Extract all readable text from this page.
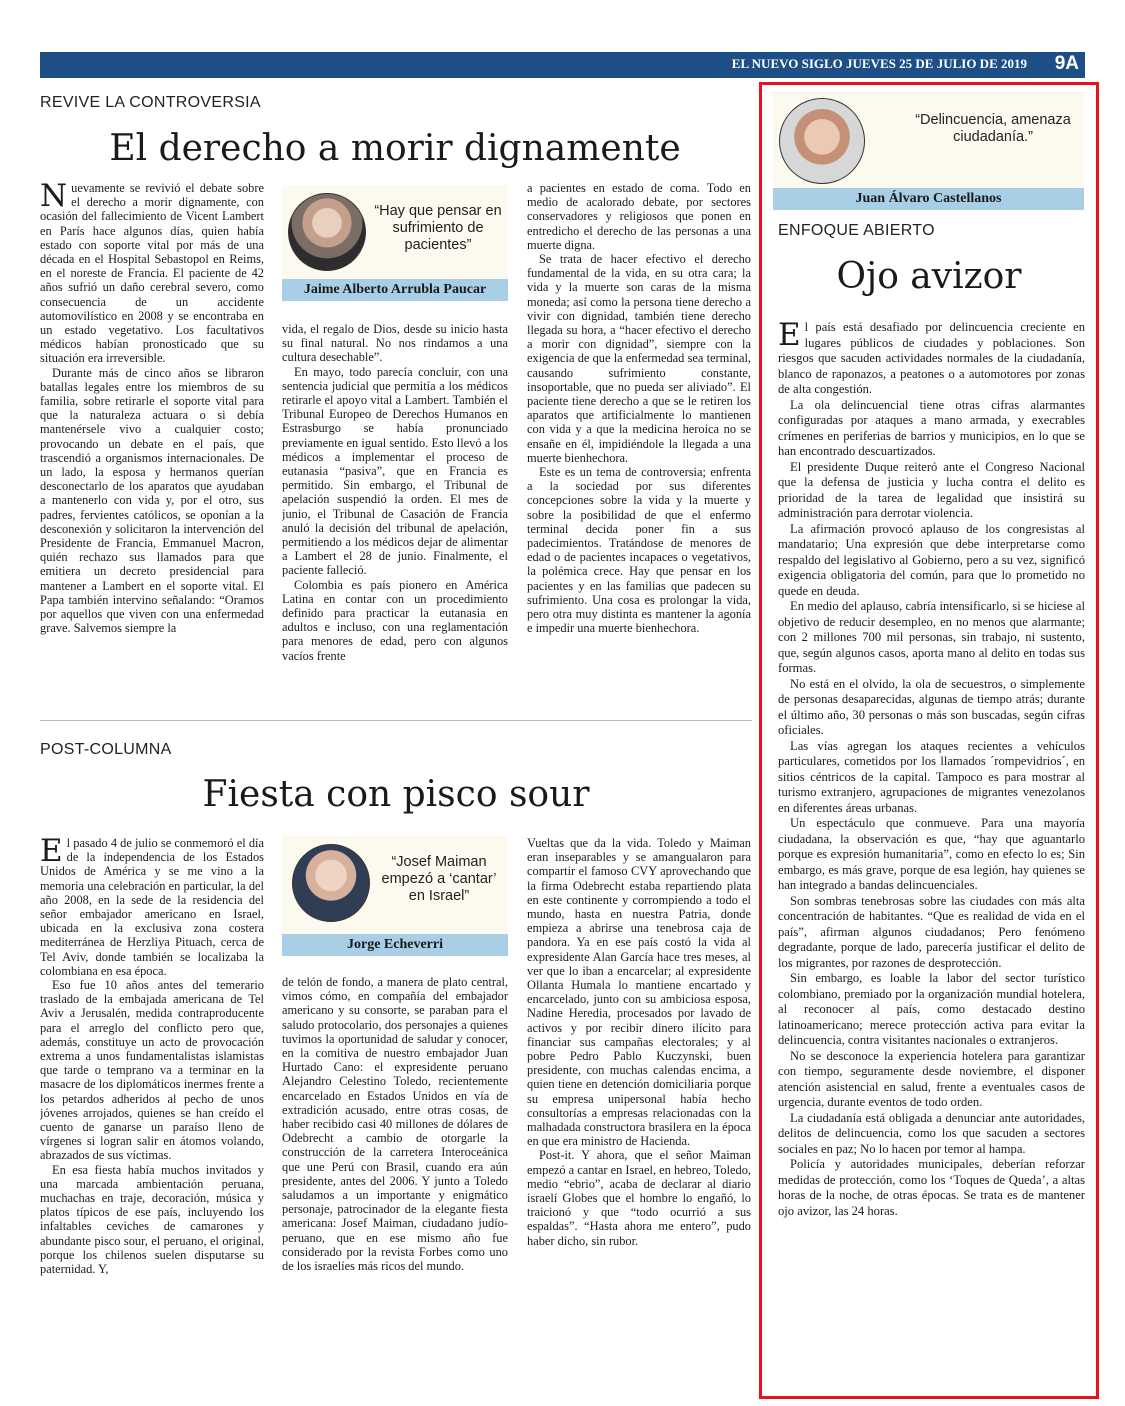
OPINIÓN
EL NUEVO SIGLO JUEVES 25 DE JULIO DE 2019 9A
REVIVE LA CONTROVERSIA
El derecho a morir dignamente

Nuevamente se revivió el debate sobre el derecho a morir dignamente, con ocasión del fallecimiento de Vicent Lambert en París hace algunos días, quien había estado con soporte vital por más de una década en el Hospital Sebastopol en Reims, en el noreste de Francia. El paciente de 42 años sufrió un daño cerebral severo, como consecuencia de un accidente automovilístico en 2008 y se encontraba en un estado vegetativo. Los facultativos médicos habían pronosticado que su situación era irreversible.

Durante más de cinco años se libraron batallas legales entre los miembros de su familia, sobre retirarle el soporte vital para que la naturaleza actuara o si debía mantenérsele vivo a cualquier costo; provocando un debate en el país, que trascendió a organismos internacionales. De un lado, la esposa y hermanos querían desconectarlo de los aparatos que ayudaban a mantenerlo con vida y, por el otro, sus padres, fervientes católicos, se oponían a la desconexión y solicitaron la intervención del Presidente de Francia, Emmanuel Macron, quién rechazo sus llamados para que emitiera un decreto presidencial para mantener a Lambert en el soporte vital. El Papa también intervino señalando: “Oramos por aquellos que viven con una enfermedad grave. Salvemos siempre la

“Hay que pensar en sufrimiento de pacientes”
Jaime Alberto Arrubla Paucar

vida, el regalo de Dios, desde su inicio hasta su final natural. No nos rindamos a una cultura desechable”.

En mayo, todo parecía concluir, con una sentencia judicial que permitía a los médicos retirarle el apoyo vital a Lambert. También el Tribunal Europeo de Derechos Humanos en Estrasburgo se había pronunciado previamente en igual sentido. Esto llevó a los médicos a implementar el proceso de eutanasia “pasiva”, que en Francia es permitido. Sin embargo, el Tribunal de apelación suspendió la orden. El mes de junio, el Tribunal de Casación de Francia anuló la decisión del tribunal de apelación, permitiendo a los médicos dejar de alimentar a Lambert el 28 de junio. Finalmente, el paciente falleció.

Colombia es país pionero en América Latina en contar con un procedimiento definido para practicar la eutanasia en adultos e incluso, con una reglamentación para menores de edad, pero con algunos vacíos frente

a pacientes en estado de coma. Todo en medio de acalorado debate, por sectores conservadores y religiosos que ponen en entredicho el derecho de las personas a una muerte digna.

Se trata de hacer efectivo el derecho fundamental de la vida, en su otra cara; la vida y la muerte son caras de la misma moneda; así como la persona tiene derecho a vivir con dignidad, también tiene derecho llegada su hora, a “hacer efectivo el derecho a morir con dignidad”, siempre con la exigencia de que la enfermedad sea terminal, causando sufrimiento constante, insoportable, que no pueda ser aliviado”. El paciente tiene derecho a que se le retiren los aparatos que artificialmente lo mantienen con vida y a que la medicina heroica no se ensañe en él, impidiéndole la llegada a una muerte bienhechora.

Este es un tema de controversia; enfrenta a la sociedad por sus diferentes concepciones sobre la vida y la muerte y sobre la posibilidad de que el enfermo terminal decida poner fin a sus padecimientos. Tratándose de menores de edad o de pacientes incapaces o vegetativos, la polémica crece. Hay que pensar en los pacientes y en las familias que padecen su sufrimiento. Una cosa es prolongar la vida, pero otra muy distinta es mantener la agonía e impedir una muerte bienhechora.

POST-COLUMNA
Fiesta con pisco sour

El pasado 4 de julio se conmemoró el día de la independencia de los Estados Unidos de América y se me vino a la memoria una celebración en particular, la del año 2008, en la sede de la residencia del señor embajador americano en Israel, ubicada en la exclusiva zona costera mediterránea de Herzliya Pituach, cerca de Tel Aviv, donde también se localizaba la colombiana en esa época.

Eso fue 10 años antes del temerario traslado de la embajada americana de Tel Aviv a Jerusalén, medida contraproducente para el arreglo del conflicto pero que, además, constituye un acto de provocación extrema a unos fundamentalistas islamistas que tarde o temprano va a terminar en la masacre de los diplomáticos inermes frente a los petardos adheridos al pecho de unos jóvenes arrojados, quienes se han creído el cuento de ganarse un paraíso lleno de vírgenes si logran salir en átomos volando, abrazados de sus víctimas.

En esa fiesta había muchos invitados y una marcada ambientación peruana, muchachas en traje, decoración, música y platos típicos de ese país, incluyendo los infaltables ceviches de camarones y abundante pisco sour, el peruano, el original, porque los chilenos suelen disputarse su paternidad. Y,

“Josef Maiman empezó a ‘cantar’ en Israel”
Jorge Echeverri

de telón de fondo, a manera de plato central, vimos cómo, en compañía del embajador americano y su consorte, se paraban para el saludo protocolario, dos personajes a quienes tuvimos la oportunidad de saludar y conocer, en la comitiva de nuestro embajador Juan Hurtado Cano: el expresidente peruano Alejandro Celestino Toledo, recientemente encarcelado en Estados Unidos en vía de extradición acusado, entre otras cosas, de haber recibido casi 40 millones de dólares de Odebrecht a cambio de otorgarle la construcción de la carretera Interoceánica que une Perú con Brasil, cuando era aún presidente, antes del 2006. Y junto a Toledo saludamos a un importante y enigmático personaje, patrocinador de la elegante fiesta americana: Josef Maiman, ciudadano judío-peruano, que en ese mismo año fue considerado por la revista Forbes como uno de los israelíes más ricos del mundo.

Vueltas que da la vida. Toledo y Maiman eran inseparables y se amangualaron para compartir el famoso CVY aprovechando que la firma Odebrecht estaba repartiendo plata en este continente y corrompiendo a todo el mundo, hasta en nuestra Patria, donde empieza a abrirse una tenebrosa caja de pandora. Ya en ese país costó la vida al expresidente Alan García hace tres meses, al ver que lo iban a encarcelar; al expresidente Ollanta Humala lo mantiene encartado y encarcelado, junto con su ambiciosa esposa, Nadine Heredia, procesados por lavado de activos y por recibir dinero ilícito para financiar sus campañas electorales; y al pobre Pedro Pablo Kuczynski, buen presidente, con muchas calendas encima, a quien tiene en detención domiciliaria porque su empresa unipersonal había hecho consultorías a empresas relacionadas con la malhadada constructora brasilera en la época en que era ministro de Hacienda.

Post-it. Y ahora, que el señor Maiman empezó a cantar en Israel, en hebreo, Toledo, medio “ebrio”, acaba de declarar al diario israelí Globes que el hombre lo engañó, lo traicionó y que “todo ocurrió a sus espaldas”. “Hasta ahora me entero”, pudo haber dicho, sin rubor.

“Delincuencia, amenaza ciudadanía.”
Juan Álvaro Castellanos
ENFOQUE ABIERTO
Ojo avizor

El país está desafiado por delincuencia creciente en lugares públicos de ciudades y poblaciones. Son riesgos que sacuden actividades normales de la ciudadanía, blanco de raponazos, a peatones o a automotores por zonas de alta congestión.

La ola delincuencial tiene otras cifras alarmantes configuradas por ataques a mano armada, y execrables crímenes en periferias de barrios y municipios, en lo que se han encontrado descuartizados.

El presidente Duque reiteró ante el Congreso Nacional que la defensa de justicia y lucha contra el delito es prioridad de la tarea de legalidad que insistirá su administración para derrotar violencia.

La afirmación provocó aplauso de los congresistas al mandatario; Una expresión que debe interpretarse como respaldo del legislativo al Gobierno, pero a su vez, significó exigencia obligatoria del común, para que lo prometido no quede en deuda.

En medio del aplauso, cabría intensificarlo, si se hiciese al objetivo de reducir desempleo, en no menos que alarmante; con 2 millones 700 mil personas, sin trabajo, ni sustento, que, según algunos casos, aporta mano al delito en todas sus formas.

No está en el olvido, la ola de secuestros, o simplemente de personas desaparecidas, algunas de tiempo atrás; durante el último año, 30 personas o más son buscadas, según cifras oficiales.

Las vías agregan los ataques recientes a vehículos particulares, cometidos por los llamados ´rompevidrios´, en sitios céntricos de la capital. Tampoco es para mostrar al turismo extranjero, agrupaciones de migrantes venezolanos en diferentes áreas urbanas.

Un espectáculo que conmueve. Para una mayoría ciudadana, la observación es que, “hay que aguantarlo porque es expresión humanitaria”, como en efecto lo es; Sin embargo, es más grave, porque de esa legión, hay quienes se han integrado a bandas delincuenciales.

Son sombras tenebrosas sobre las ciudades con más alta concentración de habitantes. “Que es realidad de vida en el país”, afirman algunos ciudadanos; Pero fenómeno degradante, porque de lado, parecería justificar el delito de los migrantes, por razones de desprotección.

Sin embargo, es loable la labor del sector turístico colombiano, premiado por la organización mundial hotelera, al reconocer al país, como destacado destino latinoamericano; merece protección activa para evitar la delincuencia, contra visitantes nacionales o extranjeros.

No se desconoce la experiencia hotelera para garantizar con tiempo, seguramente desde noviembre, el disponer atención asistencial en salud, frente a eventuales casos de urgencia, durante eventos de todo orden.

La ciudadanía está obligada a denunciar ante autoridades, delitos de delincuencia, como los que sacuden a sectores sociales en paz; No lo hacen por temor al hampa.

Policía y autoridades municipales, deberían reforzar medidas de protección, como los ‘Toques de Queda’, a altas horas de la noche, de otras épocas. Se trata es de mantener ojo avizor, las 24 horas.
